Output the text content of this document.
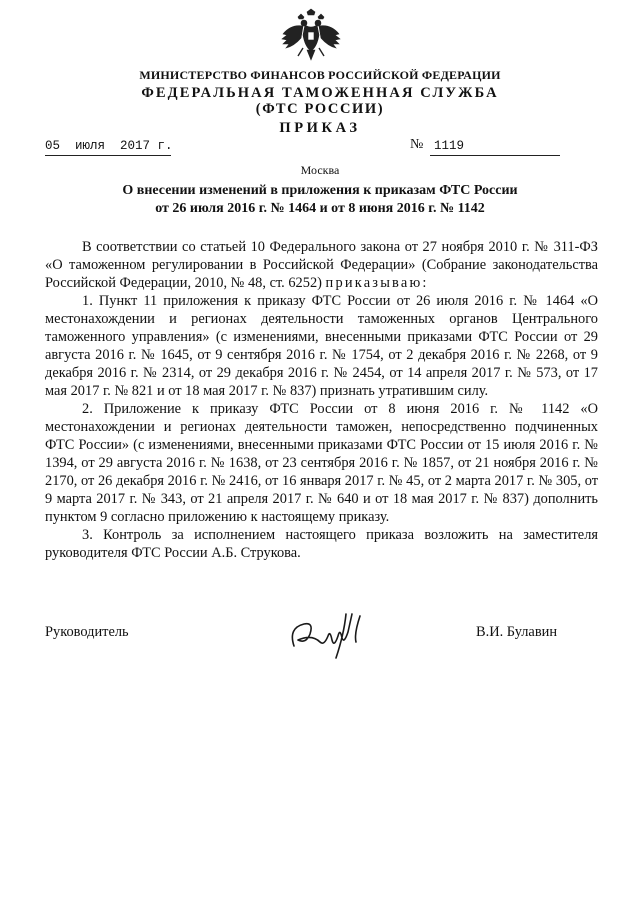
МИНИСТЕРСТВО ФИНАНСОВ РОССИЙСКОЙ ФЕДЕРАЦИИ
ФЕДЕРАЛЬНАЯ ТАМОЖЕННАЯ СЛУЖБА
(ФТС РОССИИ)
ПРИКАЗ
05  июля  2017 г.	№ 1119
Москва
О внесении изменений в приложения к приказам ФТС России
от 26 июля 2016 г. № 1464 и от 8 июня 2016 г. № 1142

В соответствии со статьей 10 Федерального закона от 27 ноября 2010 г. № 311-ФЗ «О таможенном регулировании в Российской Федерации» (Собрание законодательства Российской Федерации, 2010, № 48, ст. 6252) приказываю:

1. Пункт 11 приложения к приказу ФТС России от 26 июля 2016 г. № 1464 «О местонахождении и регионах деятельности таможенных органов Центрального таможенного управления» (с изменениями, внесенными приказами ФТС России от 29 августа 2016 г. № 1645, от 9 сентября 2016 г. № 1754, от 2 декабря 2016 г. № 2268, от 9 декабря 2016 г. № 2314, от 29 декабря 2016 г. № 2454, от 14 апреля 2017 г. № 573, от 17 мая 2017 г. № 821 и от 18 мая 2017 г. № 837) признать утратившим силу.

2. Приложение к приказу ФТС России от 8 июня 2016 г. № 1142 «О местонахождении и регионах деятельности таможен, непосредственно подчиненных ФТС России» (с изменениями, внесенными приказами ФТС России от 15 июля 2016 г. № 1394, от 29 августа 2016 г. № 1638, от 23 сентября 2016 г. № 1857, от 21 ноября 2016 г. № 2170, от 26 декабря 2016 г. № 2416, от 16 января 2017 г. № 45, от 2 марта 2017 г. № 305, от 9 марта 2017 г. № 343, от 21 апреля 2017 г. № 640 и от 18 мая 2017 г. № 837) дополнить пунктом 9 согласно приложению к настоящему приказу.

3. Контроль за исполнением настоящего приказа возложить на заместителя руководителя ФТС России А.Б. Струкова.

Руководитель	В.И. Булавин
